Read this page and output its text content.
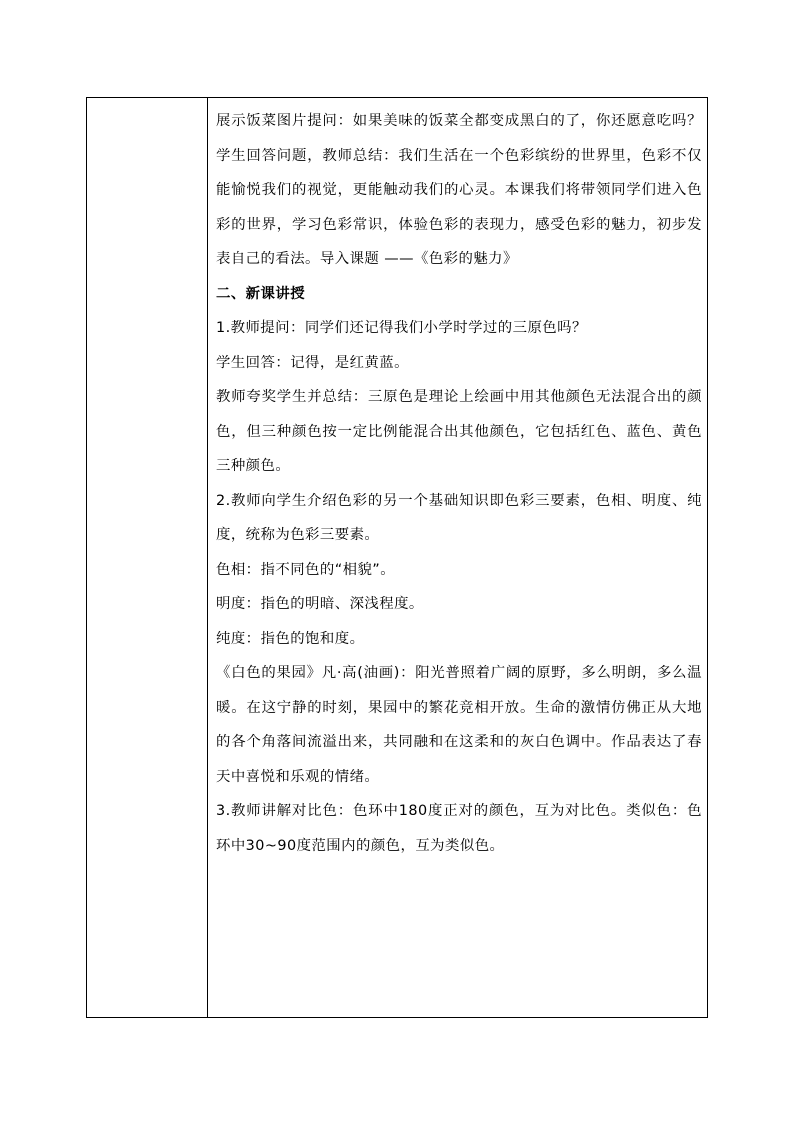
展示饭菜图片提问：如果美味的饭菜全都变成黑白的了，你还愿意吃吗？学生回答问题，教师总结：我们生活在一个色彩缤纷的世界里，色彩不仅能愉悦我们的视觉，更能触动我们的心灵。本课我们将带领同学们进入色彩的世界，学习色彩常识，体验色彩的表现力，感受色彩的魅力，初步发表自己的看法。导入课题 ——《色彩的魅力》

二、新课讲授

1.教师提问：同学们还记得我们小学时学过的三原色吗？

学生回答：记得，是红黄蓝。

教师夸奖学生并总结：三原色是理论上绘画中用其他颜色无法混合出的颜色，但三种颜色按一定比例能混合出其他颜色，它包括红色、蓝色、黄色三种颜色。

2.教师向学生介绍色彩的另一个基础知识即色彩三要素，色相、明度、纯度，统称为色彩三要素。

色相：指不同色的“相貌”。

明度：指色的明暗、深浅程度。

纯度：指色的饱和度。

《白色的果园》凡·高(油画)：阳光普照着广阔的原野，多么明朗，多么温暖。在这宁静的时刻，果园中的繁花竞相开放。生命的激情仿佛正从大地的各个角落间流溢出来，共同融和在这柔和的灰白色调中。作品表达了春天中喜悦和乐观的情绪。

3.教师讲解对比色：色环中180度正对的颜色，互为对比色。类似色：色环中30~90度范围内的颜色，互为类似色。
